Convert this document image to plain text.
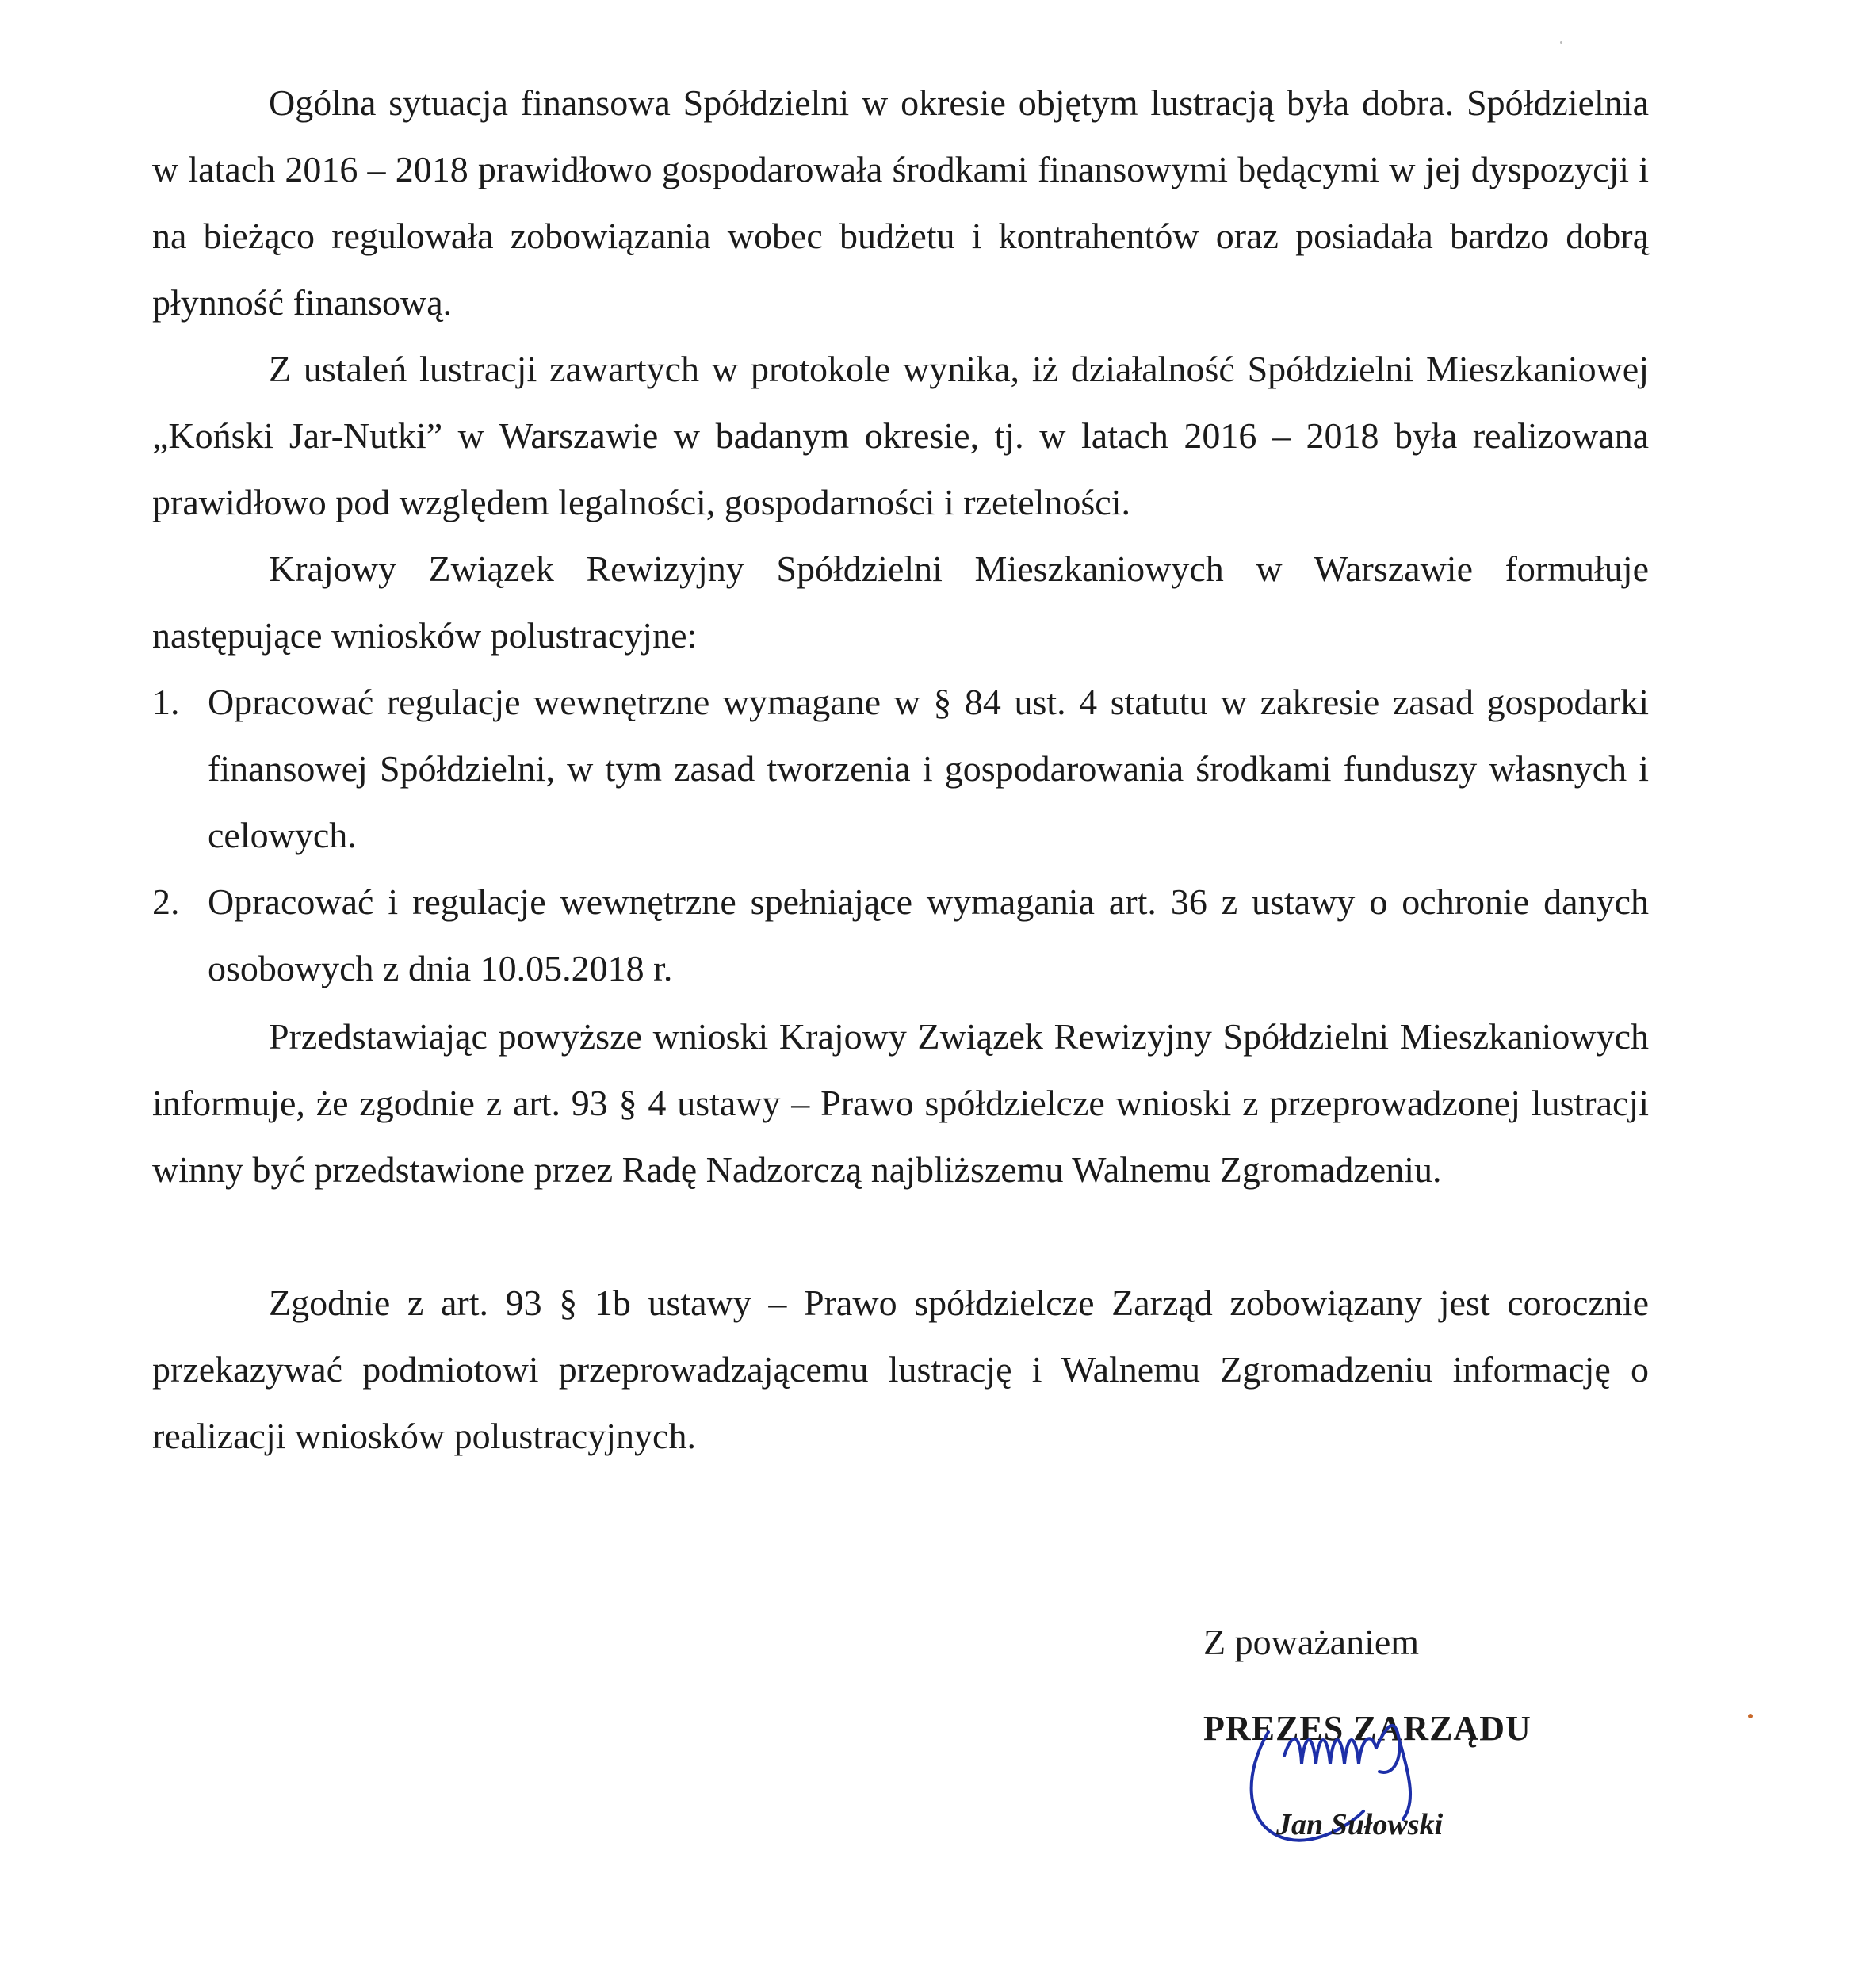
Ogólna sytuacja finansowa Spółdzielni w okresie objętym lustracją była dobra. Spółdzielnia w latach 2016 – 2018 prawidłowo gospodarowała środkami finansowymi będącymi w jej dyspozycji i na bieżąco regulowała zobowiązania wobec budżetu i kontrahentów oraz posiadała bardzo dobrą płynność finansową.

Z ustaleń lustracji zawartych w protokole wynika, iż działalność Spółdzielni Mieszkaniowej „Koński Jar-Nutki” w Warszawie w badanym okresie, tj. w latach 2016 – 2018 była realizowana prawidłowo pod względem legalności, gospodarności i rzetelności.

Krajowy Związek Rewizyjny Spółdzielni Mieszkaniowych w Warszawie formułuje następujące wniosków polustracyjne:

1. Opracować regulacje wewnętrzne wymagane w § 84 ust. 4 statutu w zakresie zasad gospodarki finansowej Spółdzielni, w tym zasad tworzenia i gospodarowania środkami funduszy własnych i celowych.
2. Opracować i regulacje wewnętrzne spełniające wymagania art. 36 z ustawy o ochronie danych osobowych z dnia 10.05.2018 r.

Przedstawiając powyższe wnioski Krajowy Związek Rewizyjny Spółdzielni Mieszkaniowych informuje, że zgodnie z art. 93 § 4 ustawy – Prawo spółdzielcze wnioski z przeprowadzonej lustracji winny być przedstawione przez Radę Nadzorczą najbliższemu Walnemu Zgromadzeniu.

Zgodnie z art. 93 § 1b ustawy – Prawo spółdzielcze Zarząd zobowiązany jest corocznie przekazywać podmiotowi przeprowadzającemu lustrację i Walnemu Zgromadzeniu informację o realizacji wniosków polustracyjnych.

Z poważaniem
PREZES ZARZĄDU
Jan Sułowski
